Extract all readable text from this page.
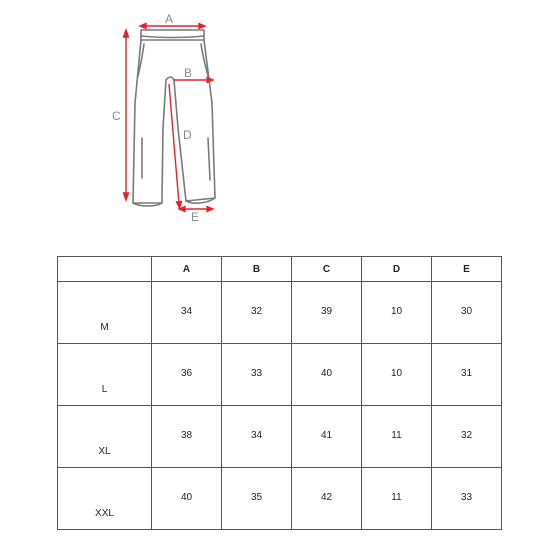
A
B
C
D
E
	A	B	C	D	E
M	34	32	39	10	30
L	36	33	40	10	31
XL	38	34	41	11	32
XXL	40	35	42	11	33
